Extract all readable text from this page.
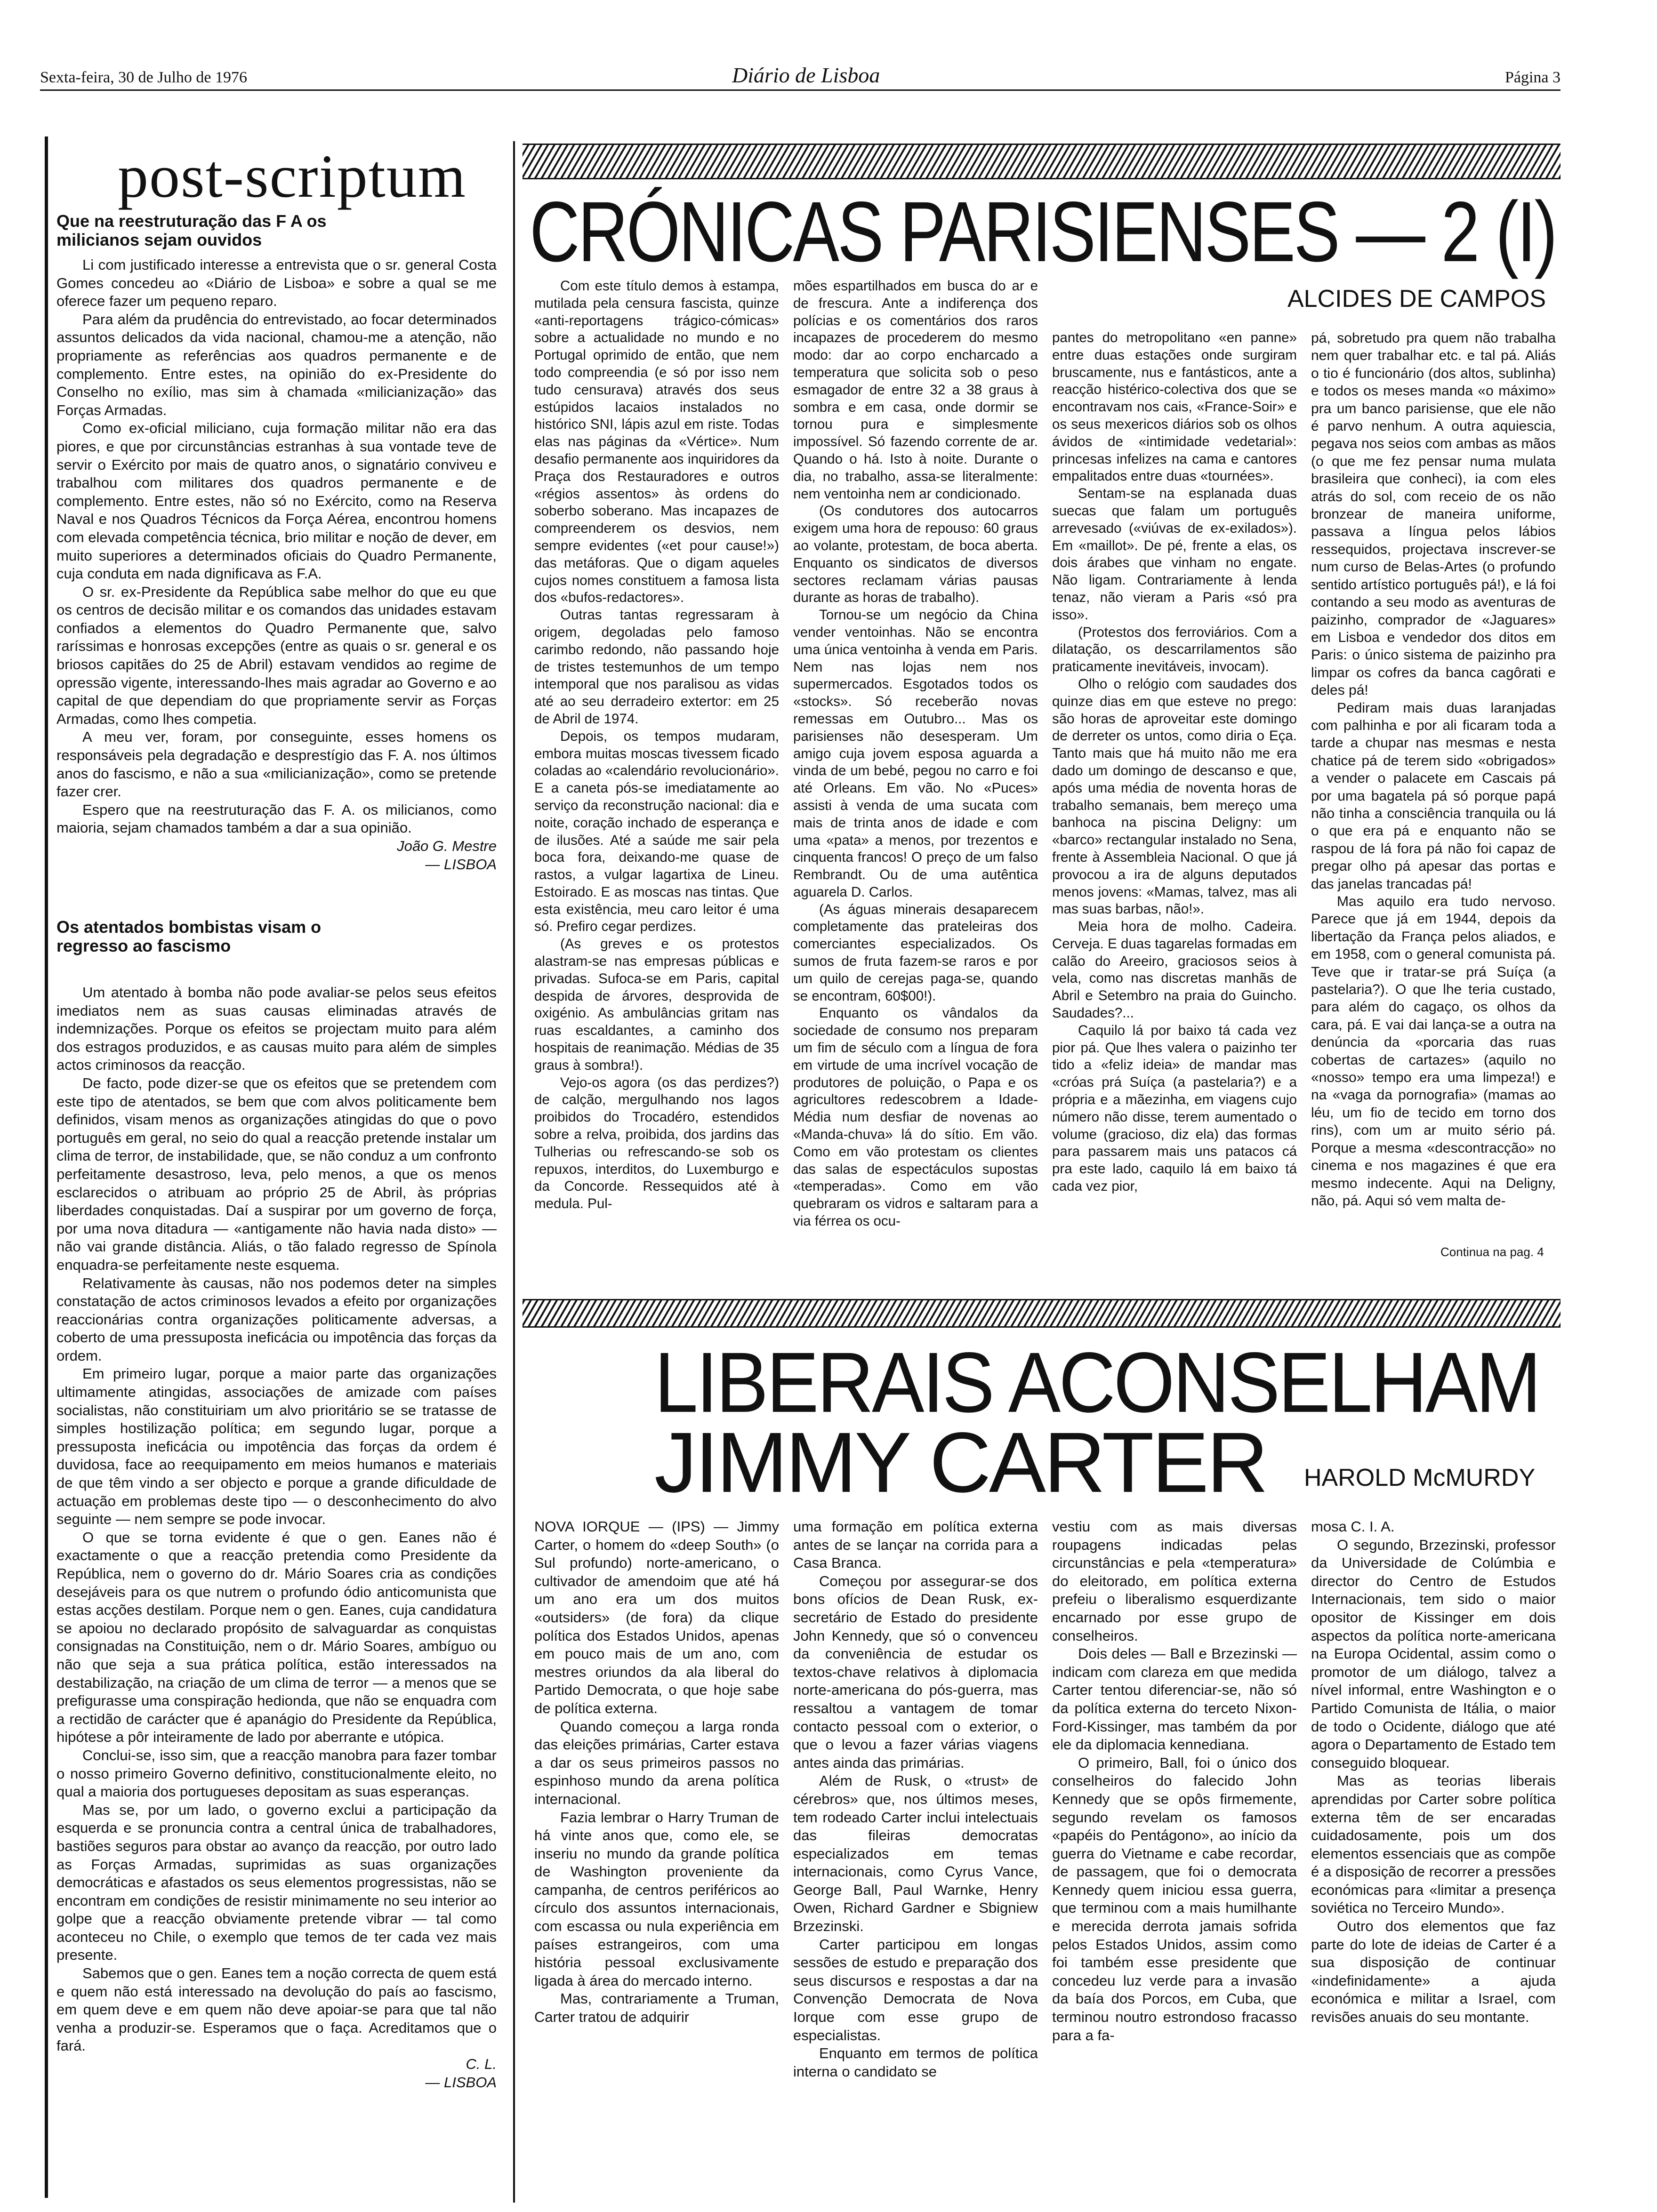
Sexta-feira, 30 de Julho de 1976	Diário de Lisboa	Página 3
post-scriptum

Que na reestruturação das F A os milicianos sejam ouvidos

Li com justificado interesse a entrevista que o sr. general Costa Gomes concedeu ao «Diário de Lisboa» e sobre a qual se me oferece fazer um pequeno reparo.

Para além da prudência do entrevistado, ao focar determinados assuntos delicados da vida nacional, chamou-me a atenção, não propriamente as referências aos quadros permanente e de complemento. Entre estes, na opinião do ex-Presidente do Conselho no exílio, mas sim à chamada «milicianização» das Forças Armadas.

Como ex-oficial miliciano, cuja formação militar não era das piores, e que por circunstâncias estranhas à sua vontade teve de servir o Exército por mais de quatro anos, o signatário conviveu e trabalhou com militares dos quadros permanente e de complemento. Entre estes, não só no Exército, como na Reserva Naval e nos Quadros Técnicos da Força Aérea, encontrou homens com elevada competência técnica, brio militar e noção de dever, em muito superiores a determinados oficiais do Quadro Permanente, cuja conduta em nada dignificava as F.A.

O sr. ex-Presidente da República sabe melhor do que eu que os centros de decisão militar e os comandos das unidades estavam confiados a elementos do Quadro Permanente que, salvo raríssimas e honrosas excepções (entre as quais o sr. general e os briosos capitães do 25 de Abril) estavam vendidos ao regime de opressão vigente, interessando-lhes mais agradar ao Governo e ao capital de que dependiam do que propriamente servir as Forças Armadas, como lhes competia.

A meu ver, foram, por conseguinte, esses homens os responsáveis pela degradação e desprestígio das F. A. nos últimos anos do fascismo, e não a sua «milicianização», como se pretende fazer crer.

Espero que na reestruturação das F. A. os milicianos, como maioria, sejam chamados também a dar a sua opinião.

João G. Mestre

— LISBOA

Os atentados bombistas visam o regresso ao fascismo

Um atentado à bomba não pode avaliar-se pelos seus efeitos imediatos nem as suas causas eliminadas através de indemnizações. Porque os efeitos se projectam muito para além dos estragos produzidos, e as causas muito para além de simples actos criminosos da reacção.

De facto, pode dizer-se que os efeitos que se pretendem com este tipo de atentados, se bem que com alvos politicamente bem definidos, visam menos as organizações atingidas do que o povo português em geral, no seio do qual a reacção pretende instalar um clima de terror, de instabilidade, que, se não conduz a um confronto perfeitamente desastroso, leva, pelo menos, a que os menos esclarecidos o atribuam ao próprio 25 de Abril, às próprias liberdades conquistadas. Daí a suspirar por um governo de força, por uma nova ditadura — «antigamente não havia nada disto» — não vai grande distância. Aliás, o tão falado regresso de Spínola enquadra-se perfeitamente neste esquema.

Relativamente às causas, não nos podemos deter na simples constatação de actos criminosos levados a efeito por organizações reaccionárias contra organizações politicamente adversas, a coberto de uma pressuposta ineficácia ou impotência das forças da ordem.

Em primeiro lugar, porque a maior parte das organizações ultimamente atingidas, associações de amizade com países socialistas, não constituiriam um alvo prioritário se se tratasse de simples hostilização política; em segundo lugar, porque a pressuposta ineficácia ou impotência das forças da ordem é duvidosa, face ao reequipamento em meios humanos e materiais de que têm vindo a ser objecto e porque a grande dificuldade de actuação em problemas deste tipo — o desconhecimento do alvo seguinte — nem sempre se pode invocar.

O que se torna evidente é que o gen. Eanes não é exactamente o que a reacção pretendia como Presidente da República, nem o governo do dr. Mário Soares cria as condições desejáveis para os que nutrem o profundo ódio anticomunista que estas acções destilam. Porque nem o gen. Eanes, cuja candidatura se apoiou no declarado propósito de salvaguardar as conquistas consignadas na Constituição, nem o dr. Mário Soares, ambíguo ou não que seja a sua prática política, estão interessados na destabilização, na criação de um clima de terror — a menos que se prefigurasse uma conspiração hedionda, que não se enquadra com a rectidão de carácter que é apanágio do Presidente da República, hipótese a pôr inteiramente de lado por aberrante e utópica.

Conclui-se, isso sim, que a reacção manobra para fazer tombar o nosso primeiro Governo definitivo, constitucionalmente eleito, no qual a maioria dos portugueses depositam as suas esperanças.

Mas se, por um lado, o governo exclui a participação da esquerda e se pronuncia contra a central única de trabalhadores, bastiões seguros para obstar ao avanço da reacção, por outro lado as Forças Armadas, suprimidas as suas organizações democráticas e afastados os seus elementos progressistas, não se encontram em condições de resistir minimamente no seu interior ao golpe que a reacção obviamente pretende vibrar — tal como aconteceu no Chile, o exemplo que temos de ter cada vez mais presente.

Sabemos que o gen. Eanes tem a noção correcta de quem está e quem não está interessado na devolução do país ao fascismo, em quem deve e em quem não deve apoiar-se para que tal não venha a produzir-se. Esperamos que o faça. Acreditamos que o fará.

C. L.

— LISBOA

CRÓNICAS PARISIENSES — 2 (I)
ALCIDES DE CAMPOS

Com este título demos à estampa, mutilada pela censura fascista, quinze «anti-reportagens trágico-cómicas» sobre a actualidade no mundo e no Portugal oprimido de então, que nem todo compreendia (e só por isso nem tudo censurava) através dos seus estúpidos lacaios instalados no histórico SNI, lápis azul em riste. Todas elas nas páginas da «Vértice». Num desafio permanente aos inquiridores da Praça dos Restauradores e outros «régios assentos» às ordens do soberbo soberano. Mas incapazes de compreenderem os desvios, nem sempre evidentes («et pour cause!») das metáforas. Que o digam aqueles cujos nomes constituem a famosa lista dos «bufos-redactores».

Outras tantas regressaram à origem, degoladas pelo famoso carimbo redondo, não passando hoje de tristes testemunhos de um tempo intemporal que nos paralisou as vidas até ao seu derradeiro extertor: em 25 de Abril de 1974.

Depois, os tempos mudaram, embora muitas moscas tivessem ficado coladas ao «calendário revolucionário». E a caneta pós-se imediatamente ao serviço da reconstrução nacional: dia e noite, coração inchado de esperança e de ilusões. Até a saúde me sair pela boca fora, deixando-me quase de rastos, a vulgar lagartixa de Lineu. Estoirado. E as moscas nas tintas. Que esta existência, meu caro leitor é uma só. Prefiro cegar perdizes.

(As greves e os protestos alastram-se nas empresas públicas e privadas. Sufoca-se em Paris, capital despida de árvores, desprovida de oxigénio. As ambulâncias gritam nas ruas escaldantes, a caminho dos hospitais de reanimação. Médias de 35 graus à sombra!).

Vejo-os agora (os das perdizes?) de calção, mergulhando nos lagos proibidos do Trocadéro, estendidos sobre a relva, proibida, dos jardins das Tulherias ou refrescando-se sob os repuxos, interditos, do Luxemburgo e da Concorde. Ressequidos até à medula. Pul-

mões espartilhados em busca do ar e de frescura. Ante a indiferença dos polícias e os comentários dos raros incapazes de procederem do mesmo modo: dar ao corpo encharcado a temperatura que solicita sob o peso esmagador de entre 32 a 38 graus à sombra e em casa, onde dormir se tornou pura e simplesmente impossível. Só fazendo corrente de ar. Quando o há. Isto à noite. Durante o dia, no trabalho, assa-se literalmente: nem ventoinha nem ar condicionado.

(Os condutores dos autocarros exigem uma hora de repouso: 60 graus ao volante, protestam, de boca aberta. Enquanto os sindicatos de diversos sectores reclamam várias pausas durante as horas de trabalho).

Tornou-se um negócio da China vender ventoinhas. Não se encontra uma única ventoinha à venda em Paris. Nem nas lojas nem nos supermercados. Esgotados todos os «stocks». Só receberão novas remessas em Outubro... Mas os parisienses não desesperam. Um amigo cuja jovem esposa aguarda a vinda de um bebé, pegou no carro e foi até Orleans. Em vão. No «Puces» assisti à venda de uma sucata com mais de trinta anos de idade e com uma «pata» a menos, por trezentos e cinquenta francos! O preço de um falso Rembrandt. Ou de uma autêntica aguarela D. Carlos.

(As águas minerais desaparecem completamente das prateleiras dos comerciantes especializados. Os sumos de fruta fazem-se raros e por um quilo de cerejas paga-se, quando se encontram, 60$00!).

Enquanto os vândalos da sociedade de consumo nos preparam um fim de século com a língua de fora em virtude de uma incrível vocação de produtores de poluição, o Papa e os agricultores redescobrem a Idade-Média num desfiar de novenas ao «Manda-chuva» lá do sítio. Em vão. Como em vão protestam os clientes das salas de espectáculos supostas «temperadas». Como em vão quebraram os vidros e saltaram para a via férrea os ocu-

pantes do metropolitano «en panne» entre duas estações onde surgiram bruscamente, nus e fantásticos, ante a reacção histérico-colectiva dos que se encontravam nos cais, «France-Soir» e os seus mexericos diários sob os olhos ávidos de «intimidade vedetarial»: princesas infelizes na cama e cantores empalitados entre duas «tournées».

Sentam-se na esplanada duas suecas que falam um português arrevesado («viúvas de ex-exilados»). Em «maillot». De pé, frente a elas, os dois árabes que vinham no engate. Não ligam. Contrariamente à lenda tenaz, não vieram a Paris «só pra isso».

(Protestos dos ferroviários. Com a dilatação, os descarrilamentos são praticamente inevitáveis, invocam).

Olho o relógio com saudades dos quinze dias em que esteve no prego: são horas de aproveitar este domingo de derreter os untos, como diria o Eça. Tanto mais que há muito não me era dado um domingo de descanso e que, após uma média de noventa horas de trabalho semanais, bem mereço uma banhoca na piscina Deligny: um «barco» rectangular instalado no Sena, frente à Assembleia Nacional. O que já provocou a ira de alguns deputados menos jovens: «Mamas, talvez, mas ali mas suas barbas, não!».

Meia hora de molho. Cadeira. Cerveja. E duas tagarelas formadas em calão do Areeiro, graciosos seios à vela, como nas discretas manhãs de Abril e Setembro na praia do Guincho. Saudades?...

Caquilo lá por baixo tá cada vez pior pá. Que lhes valera o paizinho ter tido a «feliz ideia» de mandar mas «cróas prá Suíça (a pastelaria?) e a própria e a mãezinha, em viagens cujo número não disse, terem aumentado o volume (gracioso, diz ela) das formas para passarem mais uns patacos cá pra este lado, caquilo lá em baixo tá cada vez pior,

pá, sobretudo pra quem não trabalha nem quer trabalhar etc. e tal pá. Aliás o tio é funcionário (dos altos, sublinha) e todos os meses manda «o máximo» pra um banco parisiense, que ele não é parvo nenhum. A outra aquiescia, pegava nos seios com ambas as mãos (o que me fez pensar numa mulata brasileira que conheci), ia com eles atrás do sol, com receio de os não bronzear de maneira uniforme, passava a língua pelos lábios ressequidos, projectava inscrever-se num curso de Belas-Artes (o profundo sentido artístico português pá!), e lá foi contando a seu modo as aventuras de paizinho, comprador de «Jaguares» em Lisboa e vendedor dos ditos em Paris: o único sistema de paizinho pra limpar os cofres da banca cagôrati e deles pá!

Pediram mais duas laranjadas com palhinha e por ali ficaram toda a tarde a chupar nas mesmas e nesta chatice pá de terem sido «obrigados» a vender o palacete em Cascais pá por uma bagatela pá só porque papá não tinha a consciência tranquila ou lá o que era pá e enquanto não se raspou de lá fora pá não foi capaz de pregar olho pá apesar das portas e das janelas trancadas pá!

Mas aquilo era tudo nervoso. Parece que já em 1944, depois da libertação da França pelos aliados, e em 1958, com o general comunista pá. Teve que ir tratar-se prá Suíça (a pastelaria?). O que lhe teria custado, para além do cagaço, os olhos da cara, pá. E vai dai lança-se a outra na denúncia da «porcaria das ruas cobertas de cartazes» (aquilo no «nosso» tempo era uma limpeza!) e na «vaga da pornografia» (mamas ao léu, um fio de tecido em torno dos rins), com um ar muito sério pá. Porque a mesma «descontracção» no cinema e nos magazines é que era mesmo indecente. Aqui na Deligny, não, pá. Aqui só vem malta de-

Continua na pag. 4
LIBERAIS ACONSELHAM
JIMMY CARTER HAROLD McMURDY

NOVA IORQUE — (IPS) — Jimmy Carter, o homem do «deep South» (o Sul profundo) norte-americano, o cultivador de amendoim que até há um ano era um dos muitos «outsiders» (de fora) da clique política dos Estados Unidos, apenas em pouco mais de um ano, com mestres oriundos da ala liberal do Partido Democrata, o que hoje sabe de política externa.

Quando começou a larga ronda das eleições primárias, Carter estava a dar os seus primeiros passos no espinhoso mundo da arena política internacional.

Fazia lembrar o Harry Truman de há vinte anos que, como ele, se inseriu no mundo da grande política de Washington proveniente da campanha, de centros periféricos ao círculo dos assuntos internacionais, com escassa ou nula experiência em países estrangeiros, com uma história pessoal exclusivamente ligada à área do mercado interno.

Mas, contrariamente a Truman, Carter tratou de adquirir

uma formação em política externa antes de se lançar na corrida para a Casa Branca.

Começou por assegurar-se dos bons ofícios de Dean Rusk, ex-secretário de Estado do presidente John Kennedy, que só o convenceu da conveniência de estudar os textos-chave relativos à diplomacia norte-americana do pós-guerra, mas ressaltou a vantagem de tomar contacto pessoal com o exterior, o que o levou a fazer várias viagens antes ainda das primárias.

Além de Rusk, o «trust» de cérebros» que, nos últimos meses, tem rodeado Carter inclui intelectuais das fileiras democratas especializados em temas internacionais, como Cyrus Vance, George Ball, Paul Warnke, Henry Owen, Richard Gardner e Sbigniew Brzezinski.

Carter participou em longas sessões de estudo e preparação dos seus discursos e respostas a dar na Convenção Democrata de Nova Iorque com esse grupo de especialistas.

Enquanto em termos de política interna o candidato se

vestiu com as mais diversas roupagens indicadas pelas circunstâncias e pela «temperatura» do eleitorado, em política externa prefeiu o liberalismo esquerdizante encarnado por esse grupo de conselheiros.

Dois deles — Ball e Brzezinski — indicam com clareza em que medida Carter tentou diferenciar-se, não só da política externa do terceto Nixon-Ford-Kissinger, mas também da por ele da diplomacia kennediana.

O primeiro, Ball, foi o único dos conselheiros do falecido John Kennedy que se opôs firmemente, segundo revelam os famosos «papéis do Pentágono», ao início da guerra do Vietname e cabe recordar, de passagem, que foi o democrata Kennedy quem iniciou essa guerra, que terminou com a mais humilhante e merecida derrota jamais sofrida pelos Estados Unidos, assim como foi também esse presidente que concedeu luz verde para a invasão da baía dos Porcos, em Cuba, que terminou noutro estrondoso fracasso para a fa-

mosa C. I. A.

O segundo, Brzezinski, professor da Universidade de Colúmbia e director do Centro de Estudos Internacionais, tem sido o maior opositor de Kissinger em dois aspectos da política norte-americana na Europa Ocidental, assim como o promotor de um diálogo, talvez a nível informal, entre Washington e o Partido Comunista de Itália, o maior de todo o Ocidente, diálogo que até agora o Departamento de Estado tem conseguido bloquear.

Mas as teorias liberais aprendidas por Carter sobre política externa têm de ser encaradas cuidadosamente, pois um dos elementos essenciais que as compõe é a disposição de recorrer a pressões económicas para «limitar a presença soviética no Terceiro Mundo».

Outro dos elementos que faz parte do lote de ideias de Carter é a sua disposição de continuar «indefinidamente» a ajuda económica e militar a Israel, com revisões anuais do seu montante.
